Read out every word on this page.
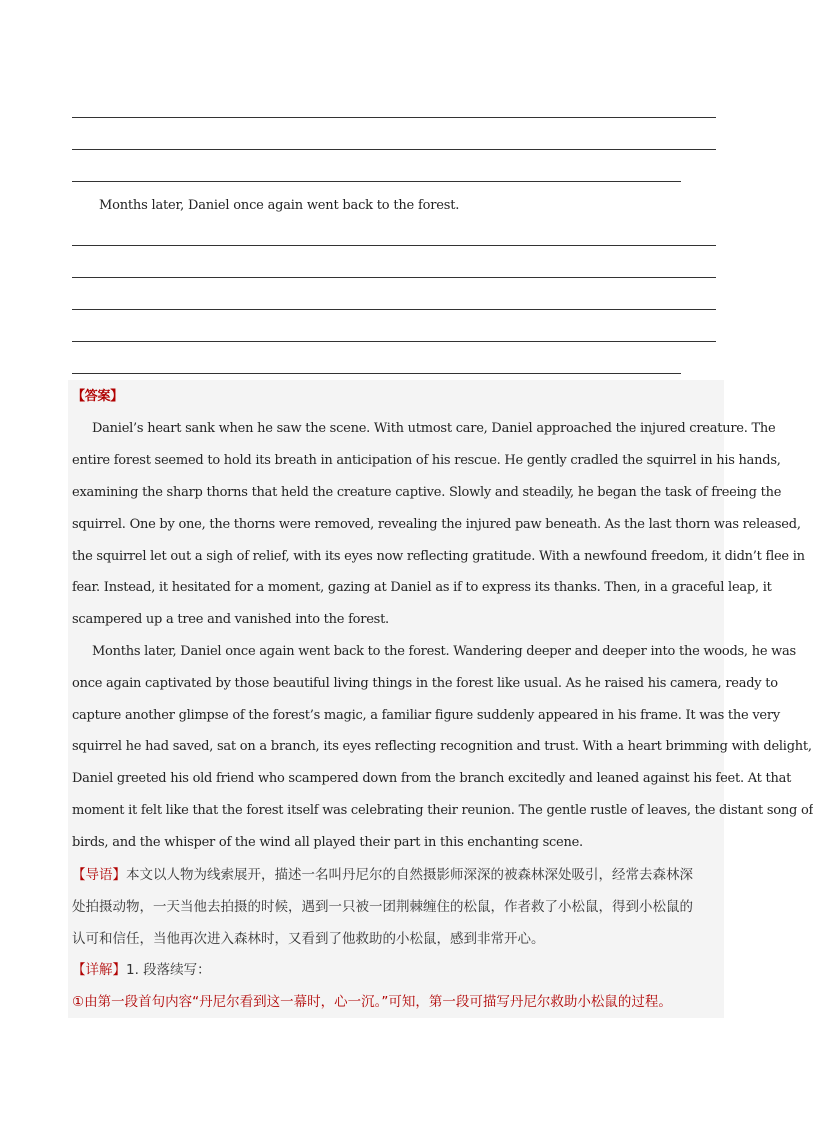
Months later, Daniel once again went back to the forest.
【答案】
Daniel’s heart sank when he saw the scene. With utmost care, Daniel approached the injured creature. The
entire forest seemed to hold its breath in anticipation of his rescue. He gently cradled the squirrel in his hands,
examining the sharp thorns that held the creature captive. Slowly and steadily, he began the task of freeing the
squirrel. One by one, the thorns were removed, revealing the injured paw beneath. As the last thorn was released,
the squirrel let out a sigh of relief, with its eyes now reflecting gratitude. With a newfound freedom, it didn’t flee in
fear. Instead, it hesitated for a moment, gazing at Daniel as if to express its thanks. Then, in a graceful leap, it
scampered up a tree and vanished into the forest.
Months later, Daniel once again went back to the forest. Wandering deeper and deeper into the woods, he was
once again captivated by those beautiful living things in the forest like usual. As he raised his camera, ready to
capture another glimpse of the forest’s magic, a familiar figure suddenly appeared in his frame. It was the very
squirrel he had saved, sat on a branch, its eyes reflecting recognition and trust. With a heart brimming with delight,
Daniel greeted his old friend who scampered down from the branch excitedly and leaned against his feet. At that
moment it felt like that the forest itself was celebrating their reunion. The gentle rustle of leaves, the distant song of
birds, and the whisper of the wind all played their part in this enchanting scene.
【导语】本文以人物为线索展开，描述一名叫丹尼尔的自然摄影师深深的被森林深处吸引，经常去森林深
处拍摄动物，一天当他去拍摄的时候，遇到一只被一团荆棘缠住的松鼠，作者救了小松鼠，得到小松鼠的
认可和信任，当他再次进入森林时，又看到了他救助的小松鼠，感到非常开心。
【详解】1. 段落续写：
①由第一段首句内容“丹尼尔看到这一幕时，心一沉。”可知，第一段可描写丹尼尔救助小松鼠的过程。
